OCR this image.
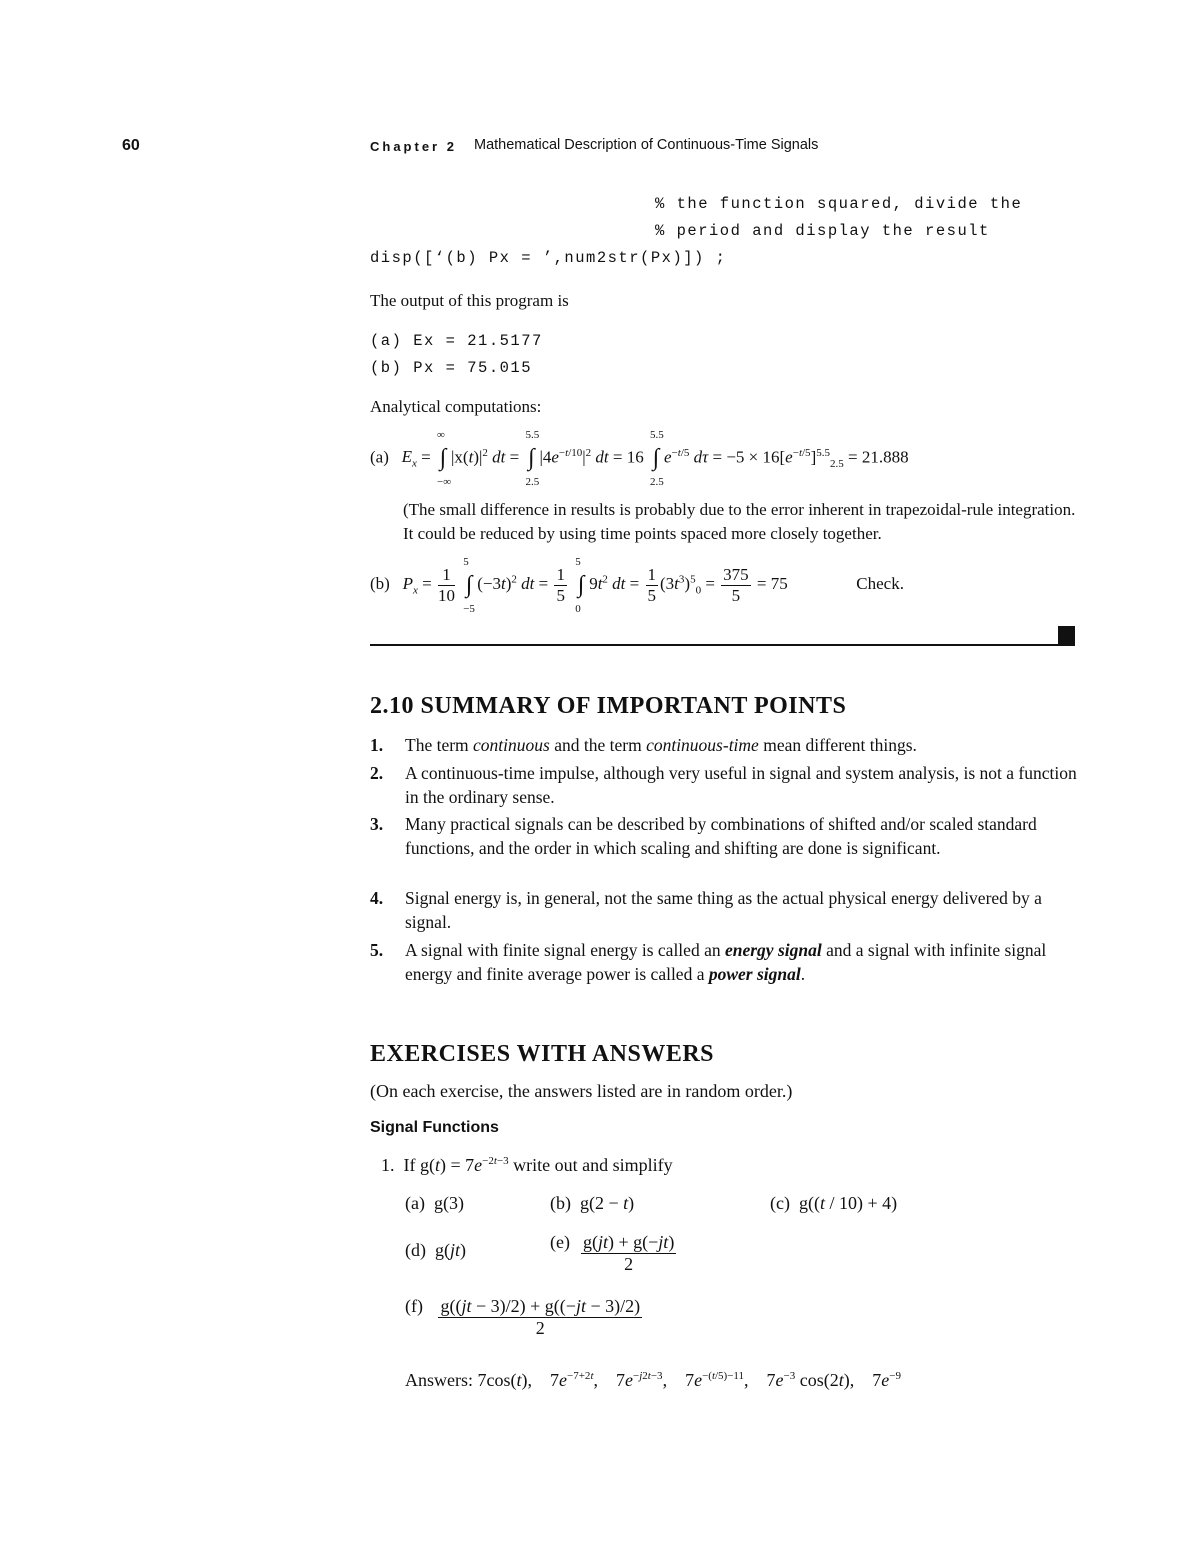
60	Chapter 2 Mathematical Description of Continuous-Time Signals
% the function squared, divide the
% period and display the result
disp([‘(b) Px = ’,num2str(Px)]) ;
The output of this program is
(a) Ex = 21.5177
(b) Px = 75.015
Analytical computations:
(a) $E_x$ = ∫
∞
−∞
$|x(t)|^2$ dt = ∫
5.5
2.5
$|4e^{-t/10}|^2$ dt = 16 ∫
5.5
2.5
$e^{-t/5}$ $d\tau = -5 \times 16[e^{-t/5}]^{5.5}_{2.5} = 21.888$
(The small difference in results is probably due to the error inherent in trapezoidal-rule integration. It could be reduced by using time points spaced more closely together.
(b) $P_x = \frac{1}{10}$ ∫
5
−5
$(-3t)^2$ dt = $\frac{1}{5}$ ∫
5
0
$9t^2$ dt = $\frac{1}{5} (3t^3)^5_0 = \frac{375}{5} = 75$	Check.
2.10 SUMMARY OF IMPORTANT POINTS
1. The term continuous and the term continuous-time mean different things.
2. A continuous-time impulse, although very useful in signal and system analysis, is not a function in the ordinary sense.
3. Many practical signals can be described by combinations of shifted and/or scaled standard functions, and the order in which scaling and shifting are done is significant.
4. Signal energy is, in general, not the same thing as the actual physical energy delivered by a signal.
5. A signal with finite signal energy is called an energy signal and a signal with infinite signal energy and finite average power is called a power signal.
EXERCISES WITH ANSWERS
(On each exercise, the answers listed are in random order.)
Signal Functions
1.  If $g(t) = 7e^{-2t-3}$ write out and simplify
(a)  g(3)	(b)  g(2 − t)	(c)  g((t / 10) + 4)
(d)  g(jt)	$(e) \frac{g(jt) + g(-jt)}{2}$
$(f) \frac{g((jt - 3)/2) + g((-jt - 3)/2)}{2}$
Answers: 7cos(t),    $7e^{-7+2t}$,    $7e^{-j2t-3}$,    $7e^{-(t/5)-11}$,    $7e^{-3}$ cos(2t),    $7e^{-9}$
